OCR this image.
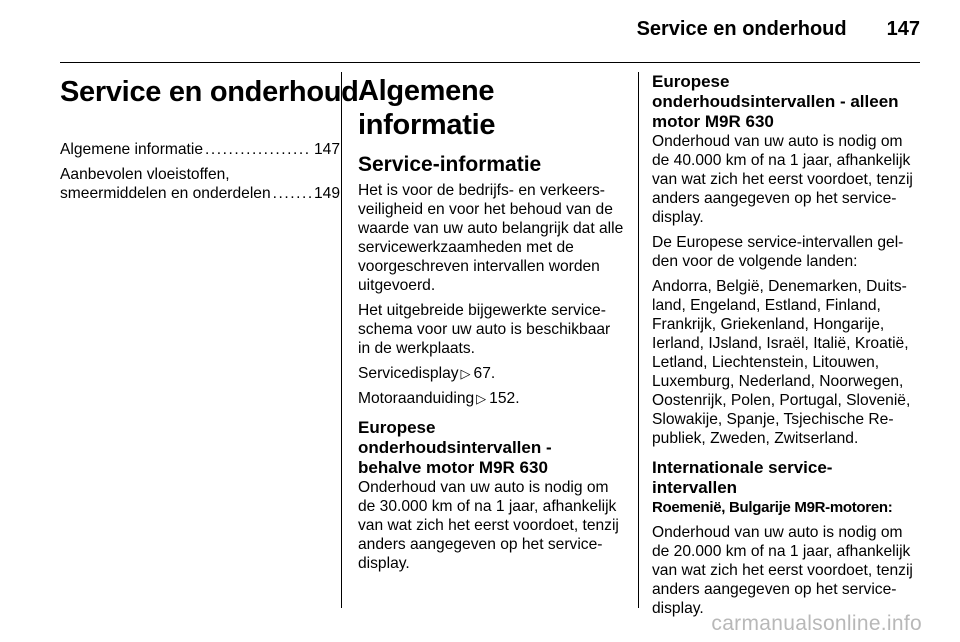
Service en onderhoud 147
Service en onderhoud
Algemene informatie . . .	147
Aanbevolen vloeistoffen,
smeermiddelen en onderdelen . . .	149
Algemene informatie
Service-informatie

Het is voor de bedrijfs- en verkeers-veiligheid en voor het behoud van de waarde van uw auto belangrijk dat alle servicewerkzaamheden met de voorgeschreven intervallen worden uitgevoerd.

Het uitgebreide bijgewerkte service-schema voor uw auto is beschikbaar in de werkplaats.

Servicedisplay ▷ 67.

Motoraanduiding ▷ 152.

Europese
onderhoudsintervallen -
behalve motor M9R 630

Onderhoud van uw auto is nodig om de 30.000 km of na 1 jaar, afhankelijk van wat zich het eerst voordoet, tenzij anders aangegeven op het service-display.

Europese
onderhoudsintervallen - alleen
motor M9R 630

Onderhoud van uw auto is nodig om de 40.000 km of na 1 jaar, afhankelijk van wat zich het eerst voordoet, tenzij anders aangegeven op het service-display.

De Europese service-intervallen gel-den voor de volgende landen:

Andorra, België, Denemarken, Duits-land, Engeland, Estland, Finland, Frankrijk, Griekenland, Hongarije, Ierland, IJsland, Israël, Italië, Kroatië, Letland, Liechtenstein, Litouwen, Luxemburg, Nederland, Noorwegen, Oostenrijk, Polen, Portugal, Slovenië, Slowakije, Spanje, Tsjechische Re-publiek, Zweden, Zwitserland.

Internationale service-
intervallen
Roemenië, Bulgarije M9R-motoren:

Onderhoud van uw auto is nodig om de 20.000 km of na 1 jaar, afhankelijk van wat zich het eerst voordoet, tenzij anders aangegeven op het service-display.

carmanualsonline.info
